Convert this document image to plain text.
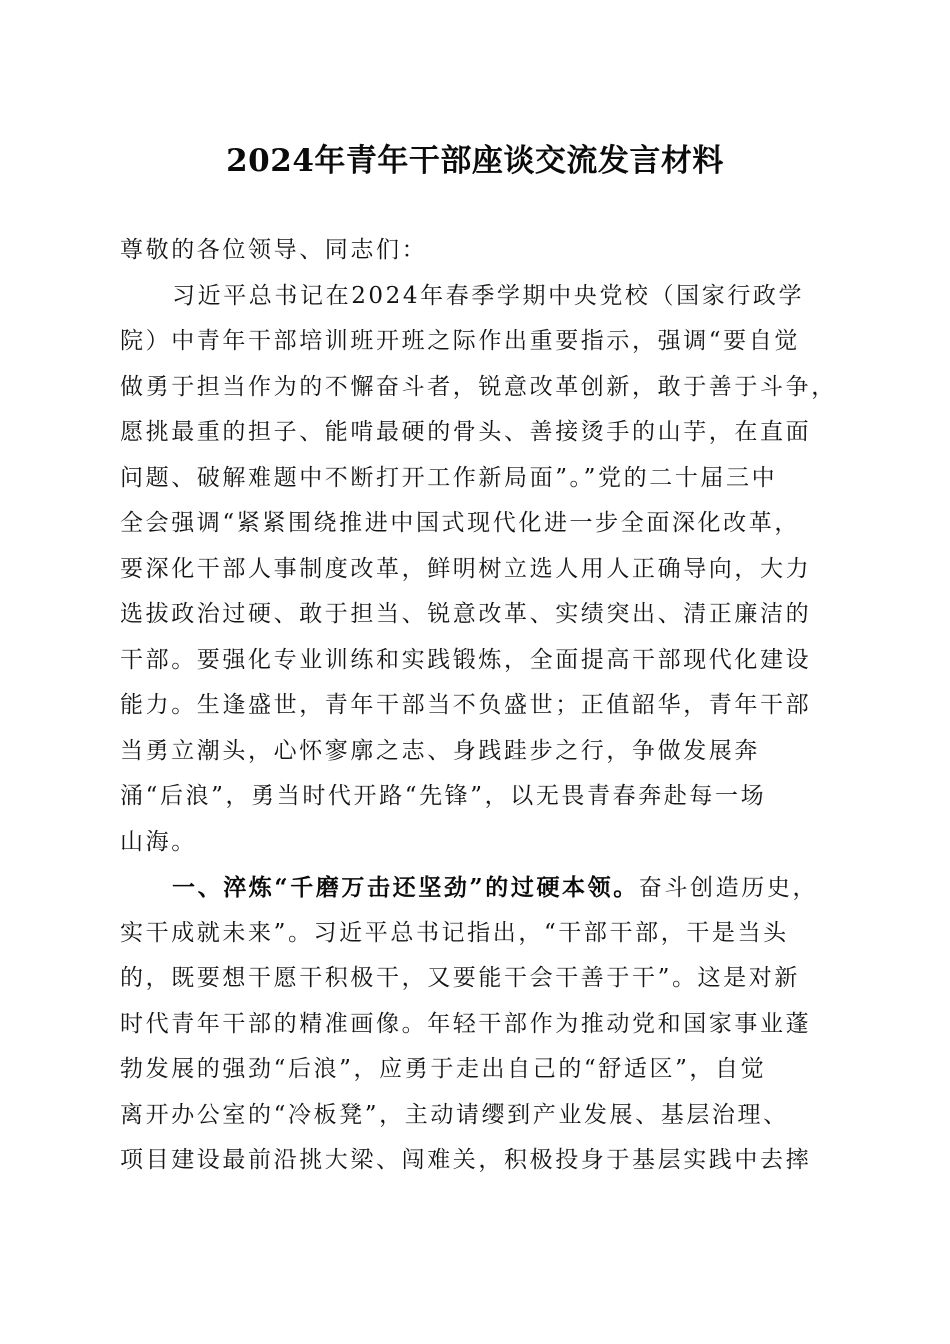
2024年青年干部座谈交流发言材料
尊敬的各位领导、同志们：
习近平总书记在2024年春季学期中央党校（国家行政学
院）中青年干部培训班开班之际作出重要指示，强调“要自觉
做勇于担当作为的不懈奋斗者，锐意改革创新，敢于善于斗争，
愿挑最重的担子、能啃最硬的骨头、善接烫手的山芋，在直面
问题、破解难题中不断打开工作新局面”。”党的二十届三中
全会强调“紧紧围绕推进中国式现代化进一步全面深化改革，
要深化干部人事制度改革，鲜明树立选人用人正确导向，大力
选拔政治过硬、敢于担当、锐意改革、实绩突出、清正廉洁的
干部。要强化专业训练和实践锻炼，全面提高干部现代化建设
能力。生逢盛世，青年干部当不负盛世；正值韶华，青年干部
当勇立潮头，心怀寥廓之志、身践跬步之行，争做发展奔
涌“后浪”，勇当时代开路“先锋”，以无畏青春奔赴每一场
山海。
一、淬炼“千磨万击还坚劲”的过硬本领。奋斗创造历史，
实干成就未来”。习近平总书记指出，“干部干部，干是当头
的，既要想干愿干积极干，又要能干会干善于干”。这是对新
时代青年干部的精准画像。年轻干部作为推动党和国家事业蓬
勃发展的强劲“后浪”，应勇于走出自己的“舒适区”，自觉
离开办公室的“冷板凳”，主动请缨到产业发展、基层治理、
项目建设最前沿挑大梁、闯难关，积极投身于基层实践中去摔
